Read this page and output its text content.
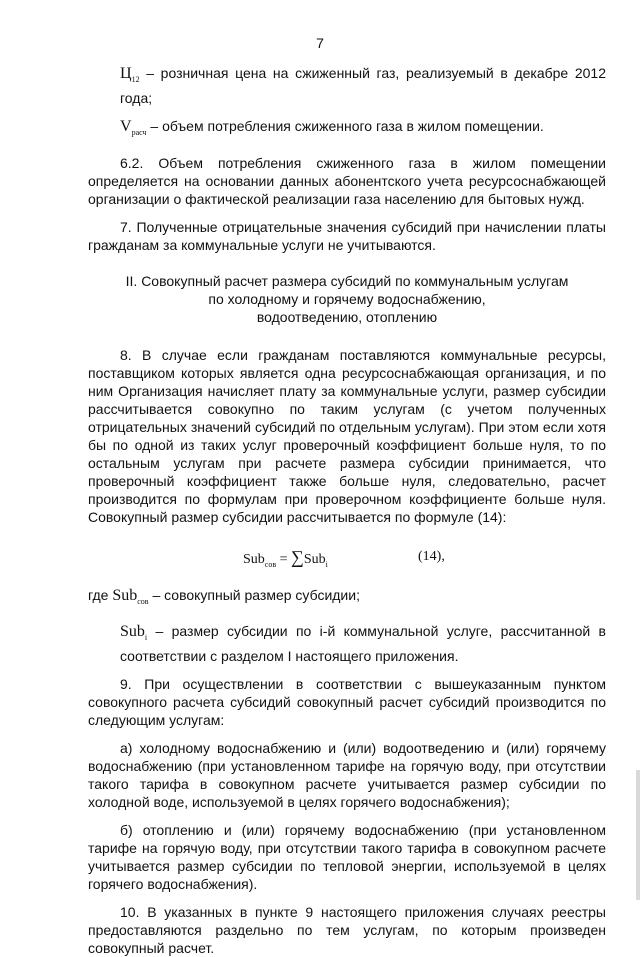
7

$Ц_{12}$ – розничная цена на сжиженный газ, реализуемый в декабре 2012 года;

$V_{расч}$ – объем потребления сжиженного газа в жилом помещении.

6.2. Объем потребления сжиженного газа в жилом помещении определяется на основании данных абонентского учета ресурсоснабжающей организации о фактической реализации газа населению для бытовых нужд.

7. Полученные отрицательные значения субсидий при начислении платы гражданам за коммунальные услуги не учитываются.

II. Совокупный расчет размера субсидий по коммунальным услугам
по холодному и горячему водоснабжению,
водоотведению, отоплению

8. В случае если гражданам поставляются коммунальные ресурсы, поставщиком которых является одна ресурсоснабжающая организация, и по ним Организация начисляет плату за коммунальные услуги, размер субсидии рассчитывается совокупно по таким услугам (с учетом полученных отрицательных значений субсидий по отдельным услугам). При этом если хотя бы по одной из таких услуг проверочный коэффициент больше нуля, то по остальным услугам при расчете размера субсидии принимается, что проверочный коэффициент также больше нуля, следовательно, расчет производится по формулам при проверочном коэффициенте больше нуля. Совокупный размер субсидии рассчитывается по формуле (14):

Sub$_{сов}$ = ∑Sub$_i$
(14),

где Sub$_{сов}$ – совокупный размер субсидии;

Sub$_i$ – размер субсидии по i-й коммунальной услуге, рассчитанной в соответствии с разделом I настоящего приложения.

9. При осуществлении в соответствии с вышеуказанным пунктом совокупного расчета субсидий совокупный расчет субсидий производится по следующим услугам:

а) холодному водоснабжению и (или) водоотведению и (или) горячему водоснабжению (при установленном тарифе на горячую воду, при отсутствии такого тарифа в совокупном расчете учитывается размер субсидии по холодной воде, используемой в целях горячего водоснабжения);

б) отоплению и (или) горячему водоснабжению (при установленном тарифе на горячую воду, при отсутствии такого тарифа в совокупном расчете учитывается размер субсидии по тепловой энергии, используемой в целях горячего водоснабжения).

10. В указанных в пункте 9 настоящего приложения случаях реестры предоставляются раздельно по тем услугам, по которым произведен совокупный расчет.
